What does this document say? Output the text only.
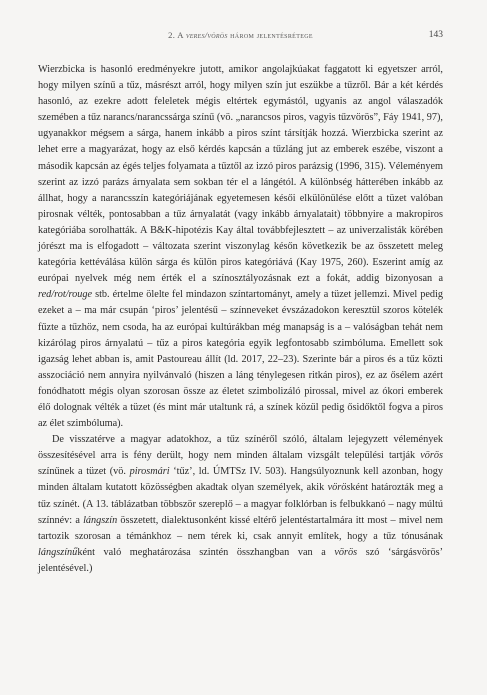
2. A veres/vörös három jelentésrétege	143

Wierzbicka is hasonló eredményekre jutott, amikor angolajkúakat faggatott ki egyetszer arról, hogy milyen színű a tűz, másrészt arról, hogy milyen szín jut eszükbe a tűzről. Bár a két kérdés hasonló, az ezekre adott feleletek mégis eltértek egymástól, ugyanis az angol válaszadók szemében a tűz narancs/narancssárga színű (vö. „narancsos piros, vagyis tűzvörös”, Fáy 1941, 97), ugyanakkor mégsem a sárga, hanem inkább a piros színt társítják hozzá. Wierzbicka szerint az lehet erre a magyarázat, hogy az első kérdés kapcsán a tűzláng jut az emberek eszébe, viszont a második kapcsán az égés teljes folyamata a tűztől az izzó piros parázsig (1996, 315). Véleményem szerint az izzó parázs árnyalata sem sokban tér el a lángétól. A különbség hátterében inkább az állhat, hogy a narancsszín kategóriájának egyetemesen késői elkülönülése előtt a tüzet valóban pirosnak vélték, pontosabban a tűz árnyalatát (vagy inkább árnyalatait) többnyire a makropiros kategóriába sorolhatták. A B&K-hipotézis Kay által továbbfejlesztett – az univerzalisták körében jórészt ma is elfogadott – változata szerint viszonylag későn következik be az összetett meleg kategória kettéválása külön sárga és külön piros kategóriává (Kay 1975, 260). Eszerint amíg az európai nyelvek még nem érték el a színosztályozásnak ezt a fokát, addig bizonyosan a red/rot/rouge stb. értelme ölelte fel mindazon színtartományt, amely a tüzet jellemzi. Mivel pedig ezeket a – ma már csupán ‘piros’ jelentésű – színneveket évszázadokon keresztül szoros kötelék fűzte a tűzhöz, nem csoda, ha az európai kultúrákban még manapság is a – valóságban tehát nem kizárólag piros árnyalatú – tűz a piros kategória egyik legfontosabb szimbóluma. Emellett sok igazság lehet abban is, amit Pastoureau állít (ld. 2017, 22–23). Szerinte bár a piros és a tűz közti asszociáció nem annyira nyilvánvaló (hiszen a láng ténylegesen ritkán piros), ez az ősélem azért fonódhatott mégis olyan szorosan össze az életet szimbolizáló pirossal, mivel az ókori emberek élő dolognak vélték a tüzet (és mint már utaltunk rá, a színek közül pedig ősidőktől fogva a piros az élet szimbóluma).

De visszatérve a magyar adatokhoz, a tűz színéről szóló, általam lejegyzett vélemények összesítésével arra is fény derült, hogy nem minden általam vizsgált települési tartják vörös színűnek a tüzet (vö. pirosmári ‘tűz’, ld. ÚMTSz IV. 503). Hangsúlyoznunk kell azonban, hogy minden általam kutatott közösségben akadtak olyan személyek, akik vörösként határozták meg a tűz színét. (A 13. táblázatban többször szereplő – a magyar folklórban is felbukkanó – nagy múltú színnév: a lángszín összetett, dialektusonként kissé eltérő jelentéstartalmára itt most – mivel nem tartozik szorosan a témánkhoz – nem térek ki, csak annyit említek, hogy a tűz tónusának lángszínűként való meghatározása szintén összhangban van a vörös szó ‘sárgásvörös’ jelentésével.)
